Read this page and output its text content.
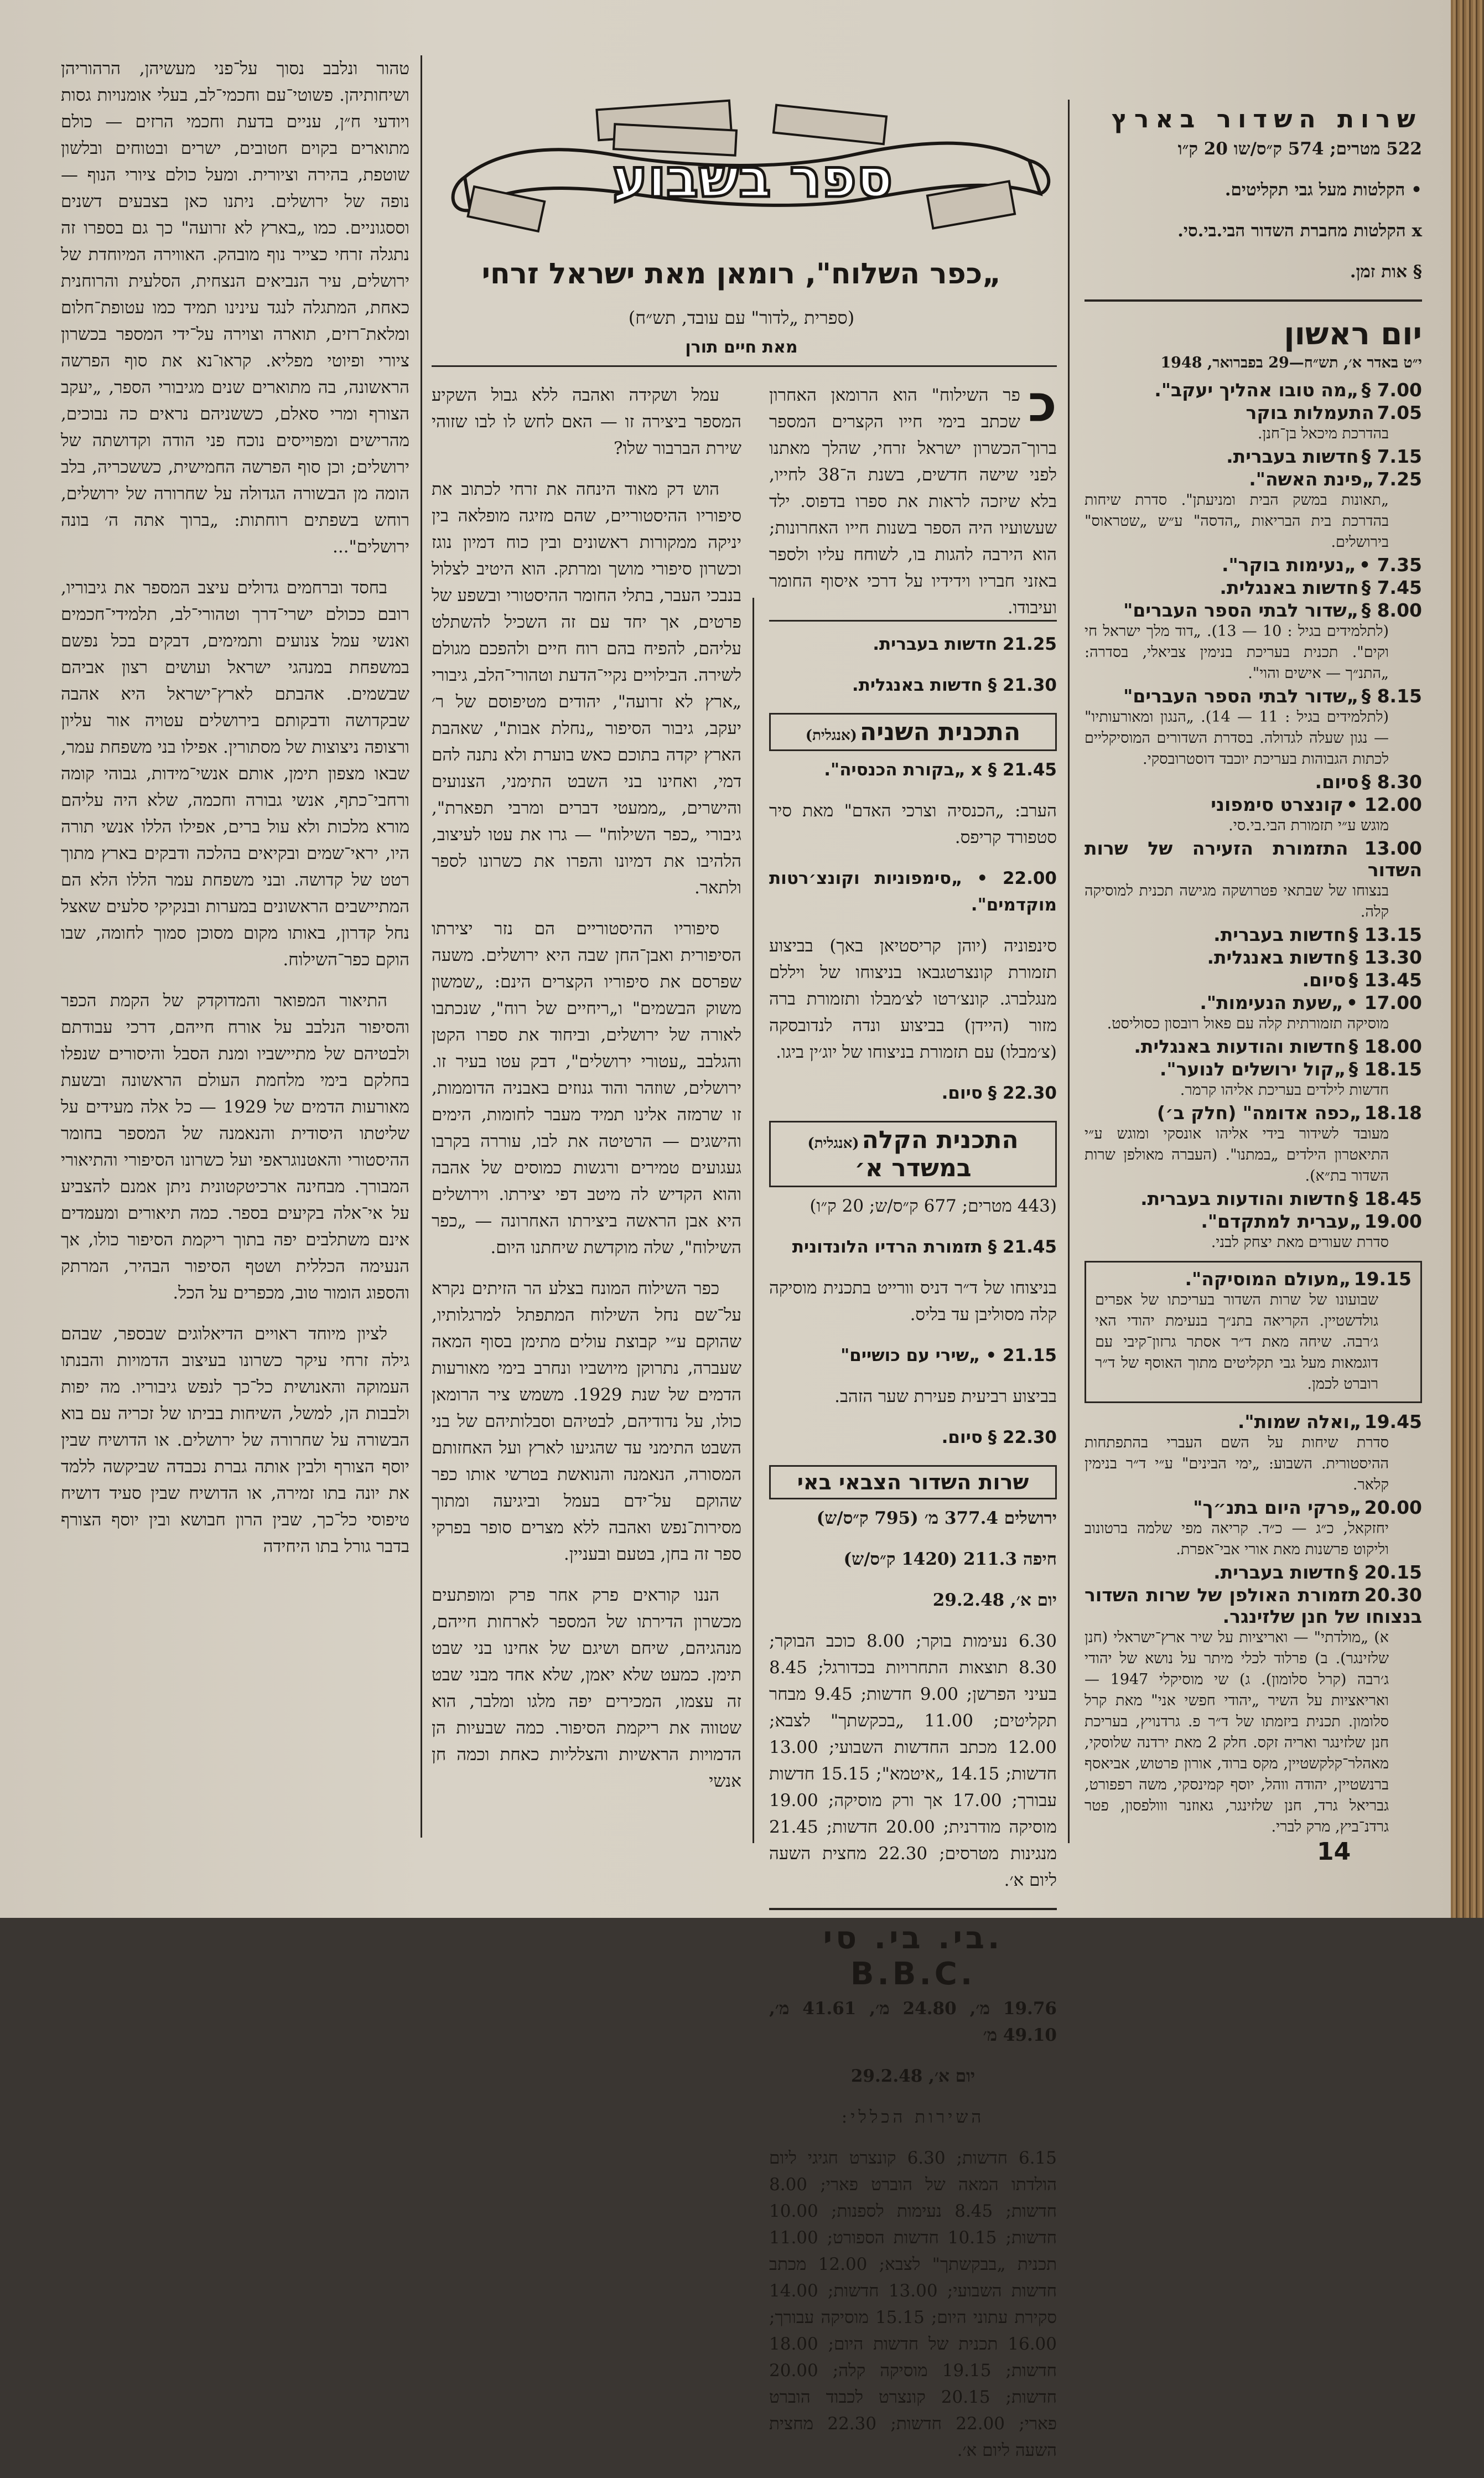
ספר בשבוע
„כפר השלוח", רומאן מאת ישראל זרחי
(ספרית „לדור" עם עובד, תש״ח)
מאת חיים תורן
שרות השדור בארץ

522 מטרים; 574 ק״ס/שו 20 ק״ו

• הקלטות מעל גבי תקליטים.

x הקלטות מחברת השדור הבי.בי.סי.

§ אות זמן.

יום ראשון
י״ט באדר א׳, תש״ח—29 בפברואר, 1948
7.00 § „מה טובו אהליך יעקב".
7.05 התעמלות בוקר
בהדרכת מיכאל בן־חנן.
7.15 § חדשות בעברית.
7.25 „פינת האשה".
„תאונות במשק הבית ומניעתן". סדרת שיחות בהדרכת בית הבריאות „הדסה" ע״ש „שטראוס" בירושלים.
7.35 • „נעימות בוקר".
7.45 § חדשות באנגלית.
8.00 § „שדור לבתי הספר העברים"
(לתלמידים בגיל : 10 — 13). „דוד מלך ישראל חי וקים". תכנית בעריכת בנימין צביאלי, בסדרה: „התנ״ך — אישים והוי".
8.15 § „שדור לבתי הספר העברים"
(לתלמידים בגיל : 11 — 14). „הנגון ומאורעותיו" — נגון שעלה לגדולה. בסדרת השדורים המוסיקליים לכתות הגבוהות בעריכת יוכבד דוסטרובסקי.
8.30 § סיום.
12.00 • קונצרט סימפוני
מוגש ע״י תזמורת הבי.בי.סי.
13.00 התזמורת הזעירה של שרות השדור
בנצוחו של שבתאי פטרושקה מגישה תכנית למוסיקה קלה.
13.15 § חדשות בעברית.
13.30 § חדשות באנגלית.
13.45 § סיום.
17.00 • „שעת הנעימות".
מוסיקה תזמורתית קלה עם פאול רובסון כסוליסט.
18.00 § חדשות והודעות באנגלית.
18.15 § „קול ירושלים לנוער".
חדשות לילדים בעריכת אליהו קרמר.
18.18 „כפה אדומה" (חלק ב׳)
מעובד לשידור בידי אליהו אונסקי ומוגש ע״י התיאטרון הילדים „במתנו". (העברה מאולפן שרות השדור בת״א).
18.45 § חדשות והודעות בעברית.
19.00 „עברית למתקדם".
סדרת שעורים מאת יצחק לבני.
19.15 „מעולם המוסיקה".
שבועונו של שרות השדור בעריכתו של אפרים גולדשטיין. הקריאה בתנ״ך בנעימת יהודי האי ג׳רבה. שיחה מאת ד״ר אסתר גרזון־קיבי עם דוגמאות מעל גבי תקליטים מתוך האוסף של ד״ר רוברט לכמן.
19.45 „ואלה שמות".
סדרת שיחות על השם העברי בהתפתחות ההיסטורית. השבוע: „ימי הבינים" ע״י ד״ר בנימין קלאר.
20.00 „פרקי היום בתנ״ך"
יחזקאל, כ״ג — כ״ד. קריאה מפי שלמה ברטונוב וליקוט פרשנות מאת אורי אבי־אפרת.
20.15 § חדשות בעברית.
20.30 תזמורת האולפן של שרות השדור בנצוחו של חנן שלזינגר.
א) „מולדתי" — ואריציות על שיר ארץ־ישראלי (חנן שלזינגר). ב) פרלוד לכלי מיתר על נושא של יהודי ג׳רבה (קרל סלומון). ג) שי מוסיקלי 1947 — ואריאציות על השיר „יהודי חפשי אני" מאת קרל סלומון. תכנית ביזמתו של ד״ר פ. גרדנויץ, בעריכת חנן שלזינגר ואריה זקס. חלק 2 מאת ירדנה שלוסקי, מאהלר־קלקשטיין, מקס ברוד, אורון פרטוש, אביאסף ברנשטיין, יהודה ווהל, יוסף קמינסקי, משה רפפורט, גבריאל גרד, חנן שלזינגר, גאוזנר ווולפסון, פטר גרדנ־ביץ, מרק לברי.

כ
פר השילוח" הוא הרומאן האחרון שכתב בימי חייו הקצרים המספר ברוך־הכשרון ישראל זרחי, שהלך מאתנו לפני שישה חדשים, בשנת ה־38 לחייו, בלא שיזכה לראות את ספרו בדפוס. ילד שעשועיו היה הספר בשנות חייו האחרונות; הוא הירבה להגות בו, לשוחח עליו ולספר באזני חבריו וידידיו על דרכי איסוף החומר ועיבודו.

עמל ושקידה ואהבה ללא גבול השקיע המספר ביצירה זו — האם לחש לו לבו שזוהי שירת הברבור שלו?

הוש דק מאוד הינחה את זרחי לכתוב את סיפוריו ההיסטוריים, שהם מזיגה מופלאה בין יניקה ממקורות ראשונים ובין כוח דמיון נוגז וכשרון סיפורי מושך ומרתק. הוא היטיב לצלול בנבכי העבר, בתלי החומר ההיסטורי ובשפע של פרטים, אך יחד עם זה השכיל להשתלט עליהם, להפיח בהם רוח חיים ולהפכם מגולם לשירה. הבילויים נקיי־הדעת וטהורי־הלב, גיבורי „ארץ לא זרועה", יהודים מטיפוסם של ר׳ יעקב, גיבור הסיפור „נחלת אבות", שאהבת הארץ יקדה בתוכם כאש בוערת ולא נתנה להם דמי, ואחינו בני השבט התימני, הצנועים והישרים, „ממעטי דברים ומרבי תפארת", גיבורי „כפר השילוח" — גרו את עטו לעיצוב, הלהיבו את דמיונו והפרו את כשרונו לספר ולתאר.

סיפוריו ההיסטוריים הם נזר יצירתו הסיפורית ואבן־החן שבה היא ירושלים. משעה שפרסם את סיפוריו הקצרים הינם: „שמשון משוק הבשמים" ו„ריחיים של רוח", שנכתבו לאורה של ירושלים, וביחוד את ספרו הקטן והגלבב „עטורי ירושלים", דבק עטו בעיר זו. ירושלים, שוזהר והוד גנוזים באבניה הדוממות, זו שרמזה אלינו תמיד מעבר לחומות, הימים והישגים — הרטיטה את לבו, עוררה בקרבו געגועים טמירים ורגשות כמוסים של אהבה והוא הקדיש לה מיטב דפי יצירתו. וירושלים היא אבן הראשה ביצירתו האחרונה — „כפר השילוח", שלה מוקדשת שיחתנו היום.

כפר השילוח המונח בצלע הר הזיתים נקרא על־שם נחל השילוח המתפתל למרגלותיו, שהוקם ע״י קבוצת עולים מתימן בסוף המאה שעברה, נתרוקן מיושביו ונחרב בימי מאורעות הדמים של שנת 1929. משמש ציר הרומאן כולו, על נדודיהם, לבטיהם וסבלותיהם של בני השבט התימני עד שהגיעו לארץ ועל האחזותם המסורה, הנאמנה והנואשת בטרשי אותו כפר שהוקם על־ידם בעמל וביגיעה ומתוך מסירות־נפש ואהבה ללא מצרים סופר בפרקי ספר זה בחן, בטעם ובעניין.

הננו קוראים פרק אחר פרק ומופתעים מכשרון הדירתו של המספר לארחות חייהם, מנהגיהם, שיחם ושיגם של אחינו בני שבט תימן. כמעט שלא יאמן, שלא אחד מבני שבט זה עצמו, המכירים יפה מלגו ומלבר, הוא שטווה את ריקמת הסיפור. כמה שבעיות הן הדמויות הראשיות והצלליות כאחת וכמה חן אנשי

21.25 חדשות בעברית.

21.30 § חדשות באנגלית.

התכנית השניה (אנגלית)

21.45 § x „בקורת הכנסיה".

הערב: „הכנסיה וצרכי האדם" מאת סיר סטפורד קריפס.

22.00 • „סימפוניות וקונצ׳רטות מוקדמים".

סינפוניה (יוהן קריסטיאן באך) בביצוע תזמורת קונצרטגבאו בניצוחו של ויללם מנגלברג. קונצ׳רטו לצ׳מבלו ותזמורת ברה מזור (היידן) בביצוע ונדה לנדובסקה (צ׳מבלו) עם תזמורת בניצוחו של יוג׳ין ביגו.

22.30 § סיום.

התכנית הקלה (אנגלית)
במשדר א׳

(443 מטרים; 677 ק״ס/ש; 20 ק״ו)

21.45 § תזמורת הרדיו הלונדונית

בניצוחו של ד״ר דניס וורייט בתכנית מוסיקה קלה מסוליבן עד בליס.

21.15 • „שירי עם כושיים"

בביצוע רביעית פעירת שער הזהב.

22.30 § סיום.

שרות השדור הצבאי באי

ירושלים 377.4 מ׳ (795 ק״ס/ש)

חיפה 211.3 (1420 ק״ס/ש)

יום א׳, 29.2.48

6.30 נעימות בוקר; 8.00 כוכב הבוקר; 8.30 תוצאות התחרויות בכדורגל; 8.45 בעיני הפרשן; 9.00 חדשות; 9.45 מבחר תקליטים; 11.00 „בכקשתך" לצבא; 12.00 מכתב החדשות השבועי; 13.00 חדשות; 14.15 „איטמא"; 15.15 חדשות עבורך; 17.00 אך ורק מוסיקה; 19.00 מוסיקה מודרנית; 20.00 חדשות; 21.45 מנגינות מטרסים; 22.30 מחצית השעה ליום א׳.

בי. בי. סי. B.B.C.

19.76 מ׳, 24.80 מ׳, 41.61 מ׳, 49.10 מ׳

יום א׳, 29.2.48

השירות הכללי:

6.15 חדשות; 6.30 קונצרט חגיגי ליום הולדתו המאה של הוברט פארי; 8.00 חדשות; 8.45 נעימות לספנות; 10.00 חדשות; 10.15 חדשות הספורט; 11.00 תכנית „בבקשתך" לצבא; 12.00 מכתב חדשות השבועי; 13.00 חדשות; 14.00 סקירת עתוני היום; 15.15 מוסיקה עבורך; 16.00 תכנית של חדשות היום; 18.00 חדשות; 19.15 מוסיקה קלה; 20.00 חדשות; 20.15 קונצרט לכבוד הוברט פארי; 22.00 חדשות; 22.30 מחצית השעה ליום א׳.

טהור ונלבב נסוך על־פני מעשיהן, הרהוריהן ושיחותיהן. פשוטי־עם וחכמי־לב, בעלי אומנויות גסות ויודעי ח״ן, עניים בדעת וחכמי הרזים — כולם מתוארים בקוים חטובים, ישרים ובטוחים ובלשון שוטפת, בהירה וציורית. ומעל כולם ציורי הנוף — נופה של ירושלים. ניתנו כאן בצבעים דשנים וססגוניים. כמו „בארץ לא זרועה" כך גם בספרו זה נתגלה זרחי כצייר נוף מובהק. האווירה המיוחדת של ירושלים, עיר הנביאים הנצחית, הסלעית והרוחנית כאחת, המתגלה לנגד עינינו תמיד כמו עטופת־חלום ומלאת־רזים, תוארה וצוירה על־ידי המספר בכשרון ציורי ופיוטי מפליא. קראו־נא את סוף הפרשה הראשונה, בה מתוארים שנים מגיבורי הספר, „יעקב הצורף ומרי סאלם, כששניהם נראים כה נבוכים, מהרישים ומפוייסים נוכח פני הודה וקדושתה של ירושלים; וכן סוף הפרשה החמישית, כששכריה, בלב הומה מן הבשורה הגדולה על שחרורה של ירושלים, רוחש בשפתים רוחתות: „ברוך אתה ה׳ בונה ירושלים"...

בחסד וברחמים גדולים עיצב המספר את גיבוריו, רובם ככולם ישרי־דרך וטהורי־לב, תלמידי־חכמים ואנשי עמל צנועים ותמימים, דבקים בכל נפשם במשפחת במנהגי ישראל ועושים רצון אביהם שבשמים. אהבתם לארץ־ישראל היא אהבה שבקדושה ודבקותם בירושלים עטויה אור עליון ורצופה ניצוצות של מסתורין. אפילו בני משפחת עמר, שבאו מצפון תימן, אותם אנשי־מידות, גבוהי קומה ורחבי־כתף, אנשי גבורה וחכמה, שלא היה עליהם מורא מלכות ולא עול ברים, אפילו הללו אנשי תורה היו, יראי־שמים ובקיאים בהלכה ודבקים בארץ מתוך רטט של קדושה. ובני משפחת עמר הללו הלא הם המתיישבים הראשונים במערות ובנקיקי סלעים שאצל נחל קדרון, באותו מקום מסוכן סמוך לחומה, שבו הוקם כפר־השילוח.

התיאור המפואר והמדוקדק של הקמת הכפר והסיפור הנלבב על אורח חייהם, דרכי עבודתם ולבטיהם של מתיישביו ומנת הסבל והיסורים שנפלו בחלקם בימי מלחמת העולם הראשונה ובשעת מאורעות הדמים של 1929 — כל אלה מעידים על שליטתו היסודית והנאמנה של המספר בחומר ההיסטורי והאטנוגראפי ועל כשרונו הסיפורי והתיאורי המבורך. מבחינה ארכיטקטונית ניתן אמנם להצביע על אי־אלה בקיעים בספר. כמה תיאורים ומעמדים אינם משתלבים יפה בתוך ריקמת הסיפור כולו, אך הנעימה הכללית ושטף הסיפור הבהיר, המרתק והספוג הומור טוב, מכפרים על הכל.

לציון מיוחד ראויים הדיאלוגים שבספר, שבהם גילה זרחי עיקר כשרונו בעיצוב הדמויות והבנתו העמוקה והאנושית כל־כך לנפש גיבוריו. מה יפות ולבבות הן, למשל, השיחות בביתו של זכריה עם בוא הבשורה על שחרורה של ירושלים. או הדושיח שבין יוסף הצורף ולבין אותה גברת נכבדה שביקשה ללמד את יונה בתו זמירה, או הדושיח שבין סעיד דושיח טיפוסי כל־כך, שבין הרון חבושא ובין יוסף הצורף בדבר גורל בתו היחידה

14
